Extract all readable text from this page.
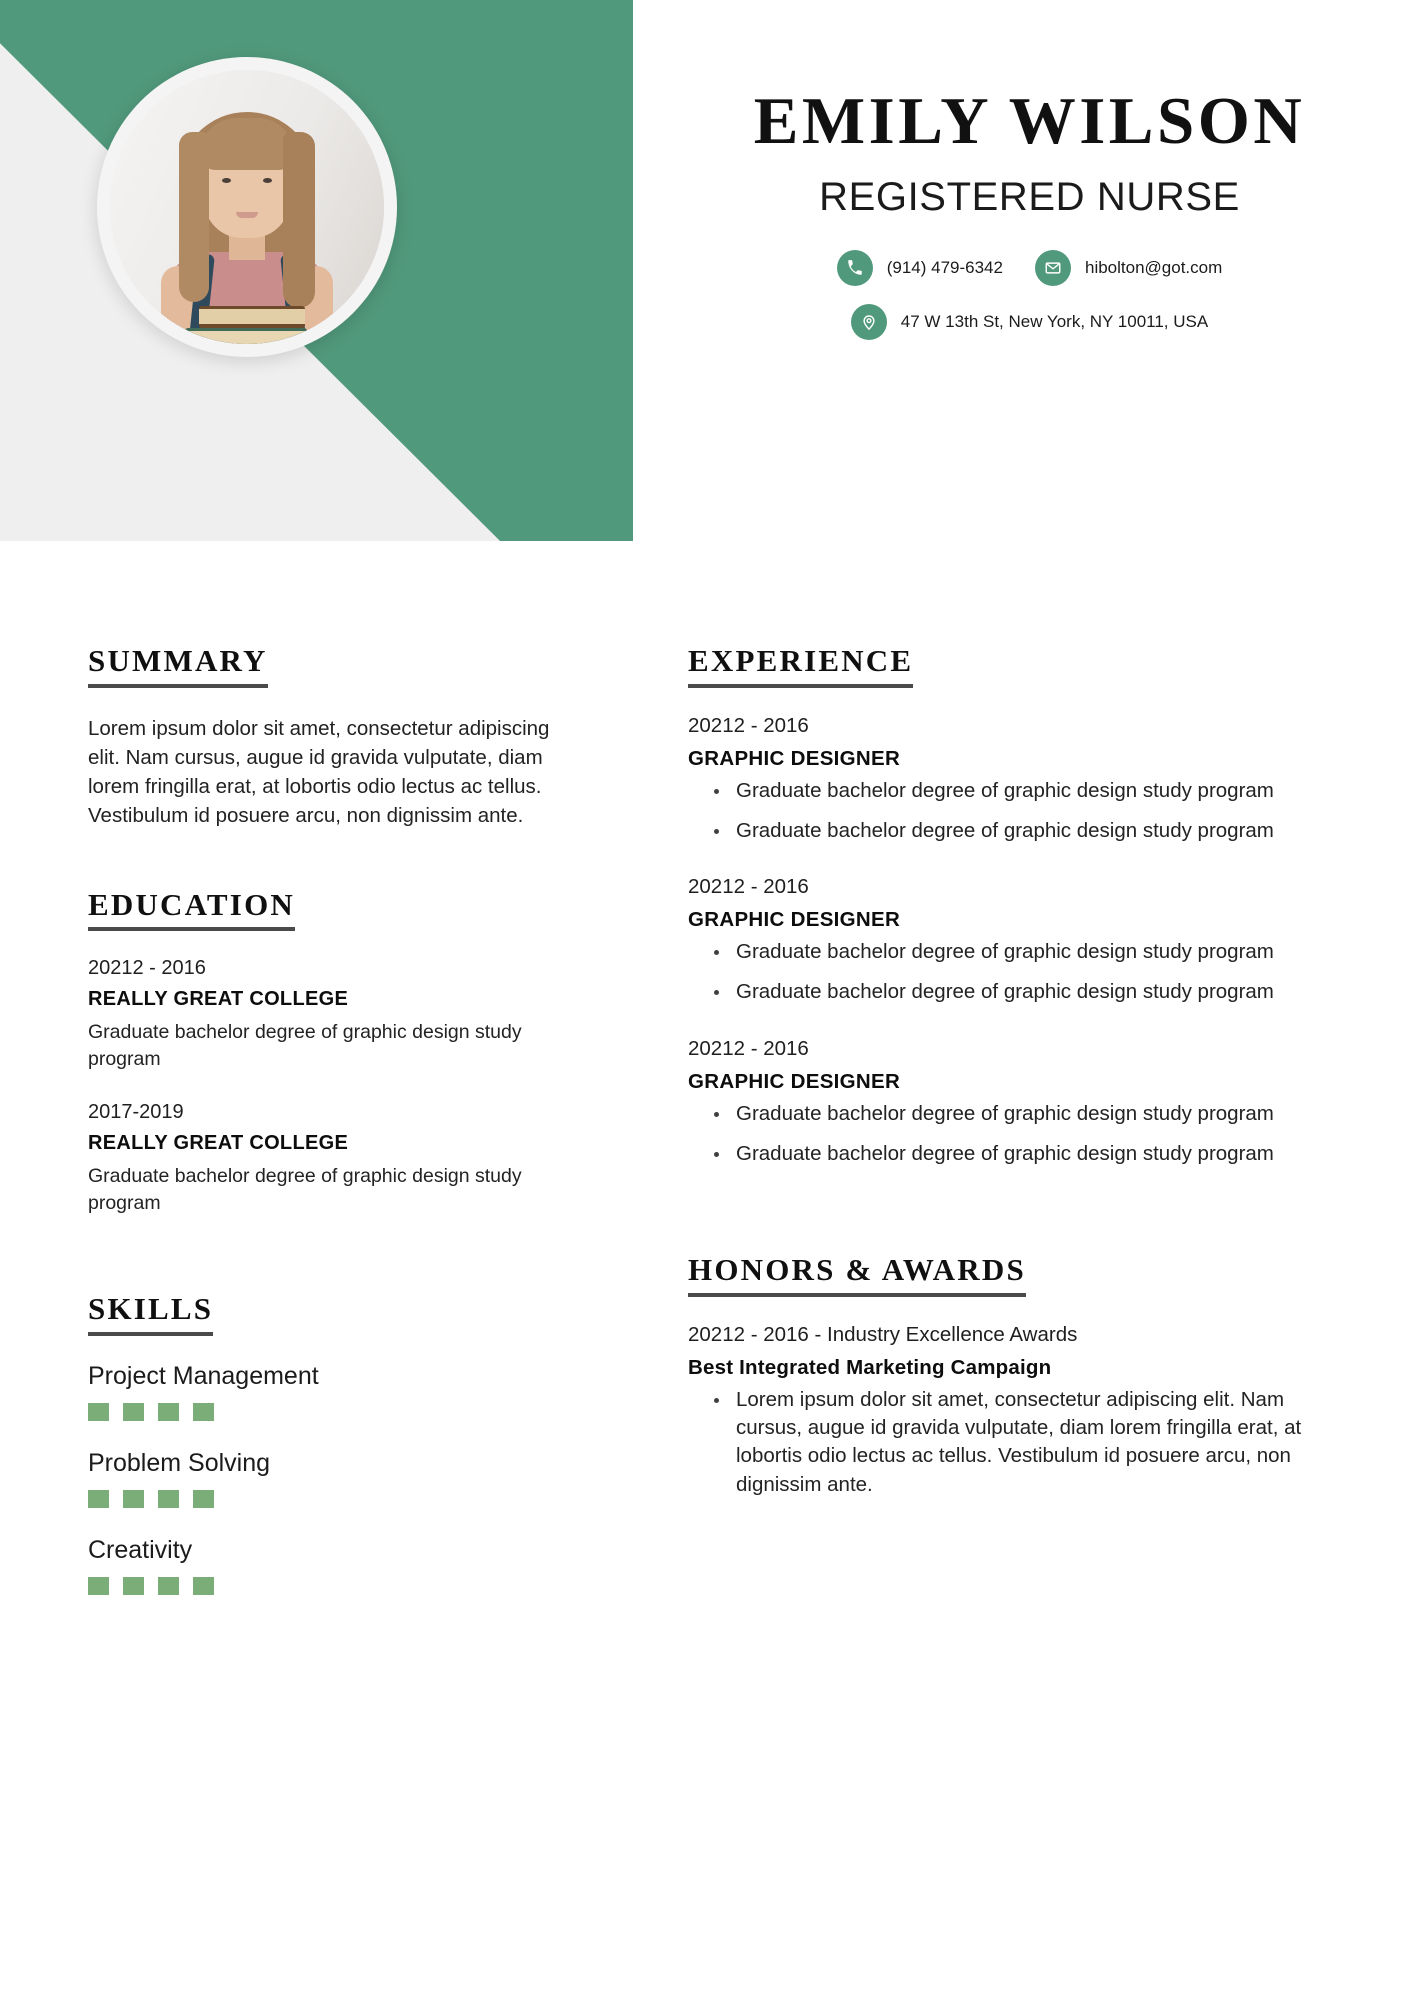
EMILY WILSON
REGISTERED NURSE
(914) 479-6342	hibolton@got.com
47 W 13th St, New York, NY 10011, USA
SUMMARY
Lorem ipsum dolor sit amet, consectetur adipiscing elit. Nam cursus, augue id gravida vulputate, diam lorem fringilla erat, at lobortis odio lectus ac tellus. Vestibulum id posuere arcu, non dignissim ante.
EDUCATION
20212 - 2016
REALLY GREAT COLLEGE
Graduate bachelor degree of graphic design study program
2017-2019
REALLY GREAT COLLEGE
Graduate bachelor degree of graphic design study program
SKILLS
Project Management
Problem Solving
Creativity
EXPERIENCE
20212 - 2016
GRAPHIC DESIGNER
Graduate bachelor degree of graphic design study program
Graduate bachelor degree of graphic design study program
20212 - 2016
GRAPHIC DESIGNER
Graduate bachelor degree of graphic design study program
Graduate bachelor degree of graphic design study program
20212 - 2016
GRAPHIC DESIGNER
Graduate bachelor degree of graphic design study program
Graduate bachelor degree of graphic design study program
HONORS & AWARDS
20212 - 2016 - Industry Excellence Awards
Best Integrated Marketing Campaign
Lorem ipsum dolor sit amet, consectetur adipiscing elit. Nam cursus, augue id gravida vulputate, diam lorem fringilla erat, at lobortis odio lectus ac tellus. Vestibulum id posuere arcu, non dignissim ante.
